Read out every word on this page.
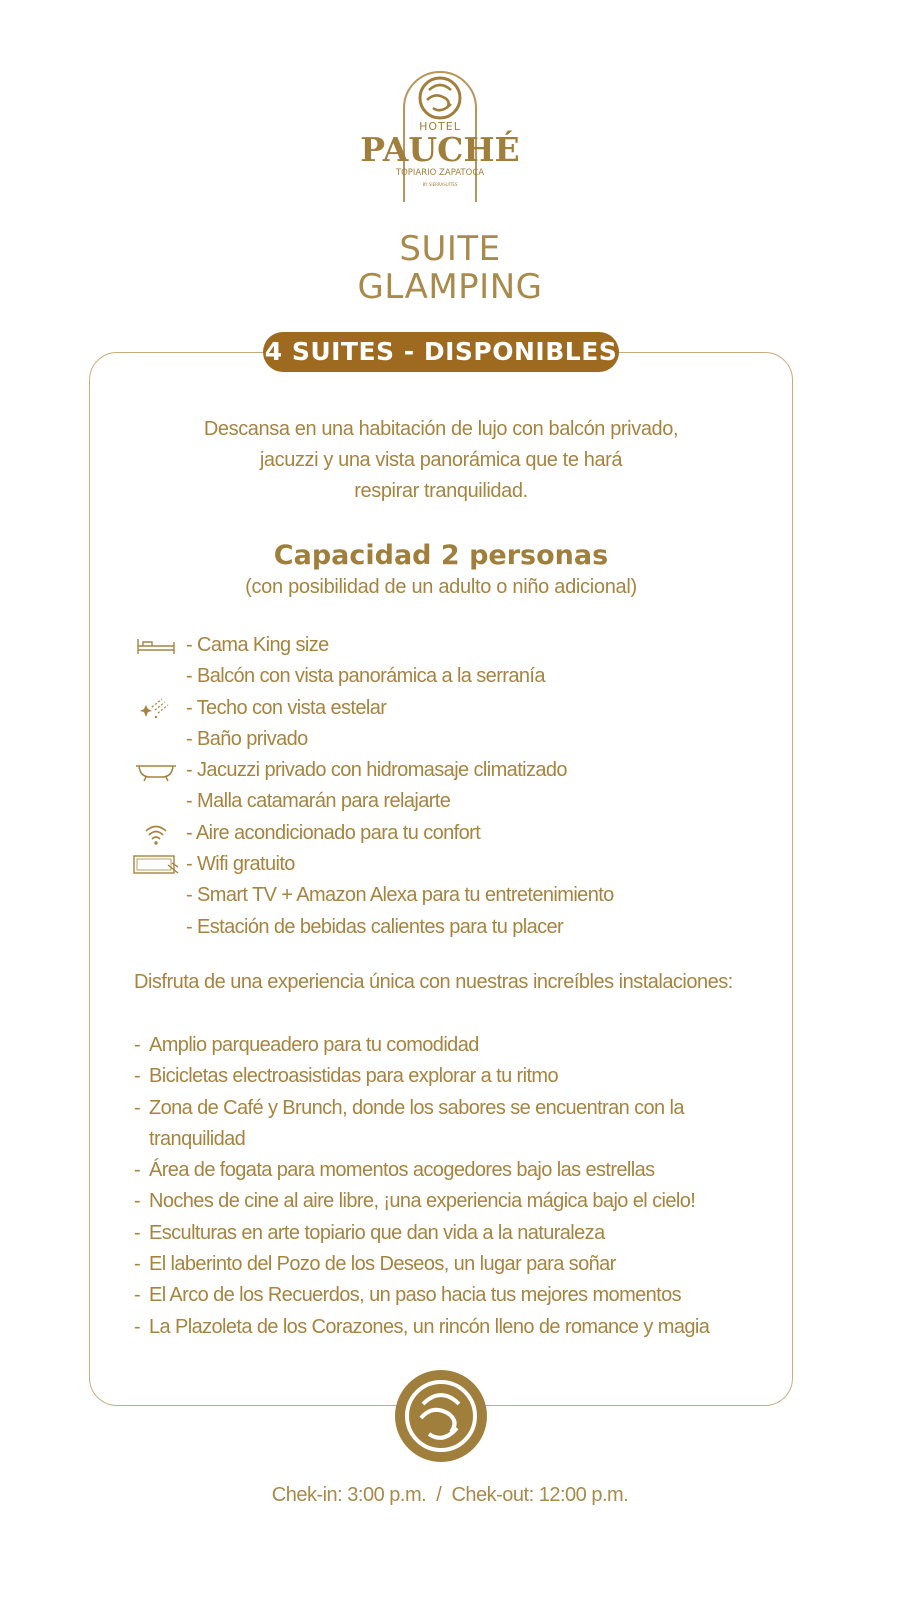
HOTEL
PAUCHÉ
TOPIARIO ZAPATOCA
BY SIERRASUITES
SUITE
GLAMPING
4 SUITES - DISPONIBLES
Descansa en una habitación de lujo con balcón privado,
jacuzzi y una vista panorámica que te hará
respirar tranquilidad.
Capacidad 2 personas
(con posibilidad de un adulto o niño adicional)
- Cama King size
- Balcón con vista panorámica a la serranía
- Techo con vista estelar
- Baño privado
- Jacuzzi privado con hidromasaje climatizado
- Malla catamarán para relajarte
- Aire acondicionado para tu confort
- Wifi gratuito
- Smart TV + Amazon Alexa para tu entretenimiento
- Estación de bebidas calientes para tu placer
Disfruta de una experiencia única con nuestras increíbles instalaciones:
- Amplio parqueadero para tu comodidad
- Bicicletas electroasistidas para explorar a tu ritmo
- Zona de Café y Brunch, donde los sabores se encuentran con la tranquilidad
- Área de fogata para momentos acogedores bajo las estrellas
- Noches de cine al aire libre, ¡una experiencia mágica bajo el cielo!
- Esculturas en arte topiario que dan vida a la naturaleza
- El laberinto del Pozo de los Deseos, un lugar para soñar
- El Arco de los Recuerdos, un paso hacia tus mejores momentos
- La Plazoleta de los Corazones, un rincón lleno de romance y magia
Chek-in: 3:00 p.m.  /  Chek-out: 12:00 p.m.
